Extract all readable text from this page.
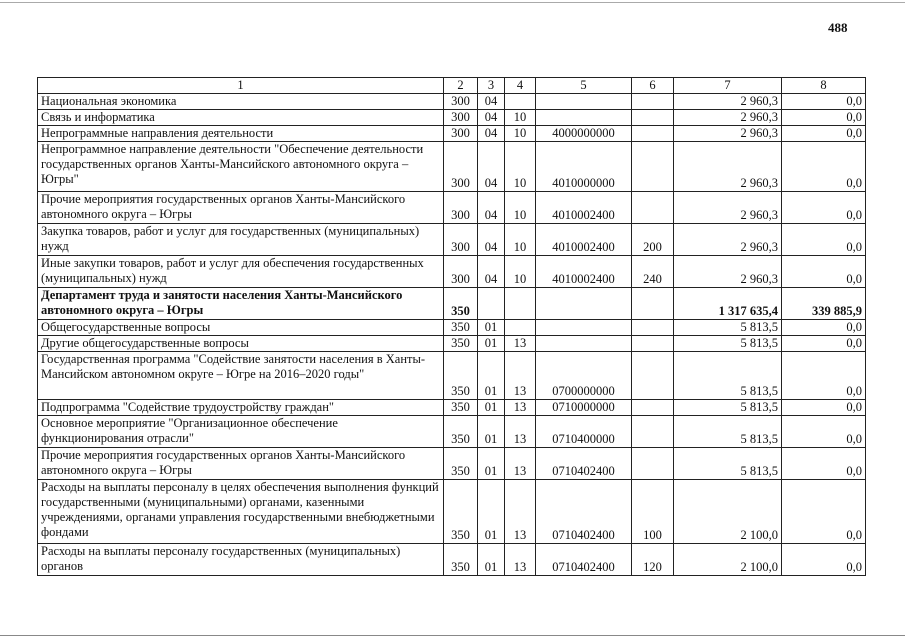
488
1	2	3	4	5	6	7	8
Национальная экономика	300	04				2 960,3	0,0
Связь и информатика	300	04	10			2 960,3	0,0
Непрограммные направления деятельности	300	04	10	4000000000		2 960,3	0,0
Непрограммное направление деятельности "Обеспечение деятельности государственных органов Ханты-Мансийского автономного округа – Югры"	300	04	10	4010000000		2 960,3	0,0
Прочие мероприятия государственных органов Ханты-Мансийского автономного округа – Югры	300	04	10	4010002400		2 960,3	0,0
Закупка товаров, работ и услуг для государственных (муниципальных) нужд	300	04	10	4010002400	200	2 960,3	0,0
Иные закупки товаров, работ и услуг для обеспечения государственных (муниципальных) нужд	300	04	10	4010002400	240	2 960,3	0,0
Департамент труда и занятости населения Ханты-Мансийского автономного округа – Югры	350					1 317 635,4	339 885,9
Общегосударственные вопросы	350	01				5 813,5	0,0
Другие общегосударственные вопросы	350	01	13			5 813,5	0,0
Государственная программа "Содействие занятости населения в Ханты-Мансийском автономном округе – Югре на 2016–2020 годы"	350	01	13	0700000000		5 813,5	0,0
Подпрограмма "Содействие трудоустройству граждан"	350	01	13	0710000000		5 813,5	0,0
Основное мероприятие "Организационное обеспечение функционирования отрасли"	350	01	13	0710400000		5 813,5	0,0
Прочие мероприятия государственных органов Ханты-Мансийского автономного округа – Югры	350	01	13	0710402400		5 813,5	0,0
Расходы на выплаты персоналу в целях обеспечения выполнения функций государственными (муниципальными) органами, казенными учреждениями, органами управления государственными внебюджетными фондами	350	01	13	0710402400	100	2 100,0	0,0
Расходы на выплаты персоналу государственных (муниципальных) органов	350	01	13	0710402400	120	2 100,0	0,0
